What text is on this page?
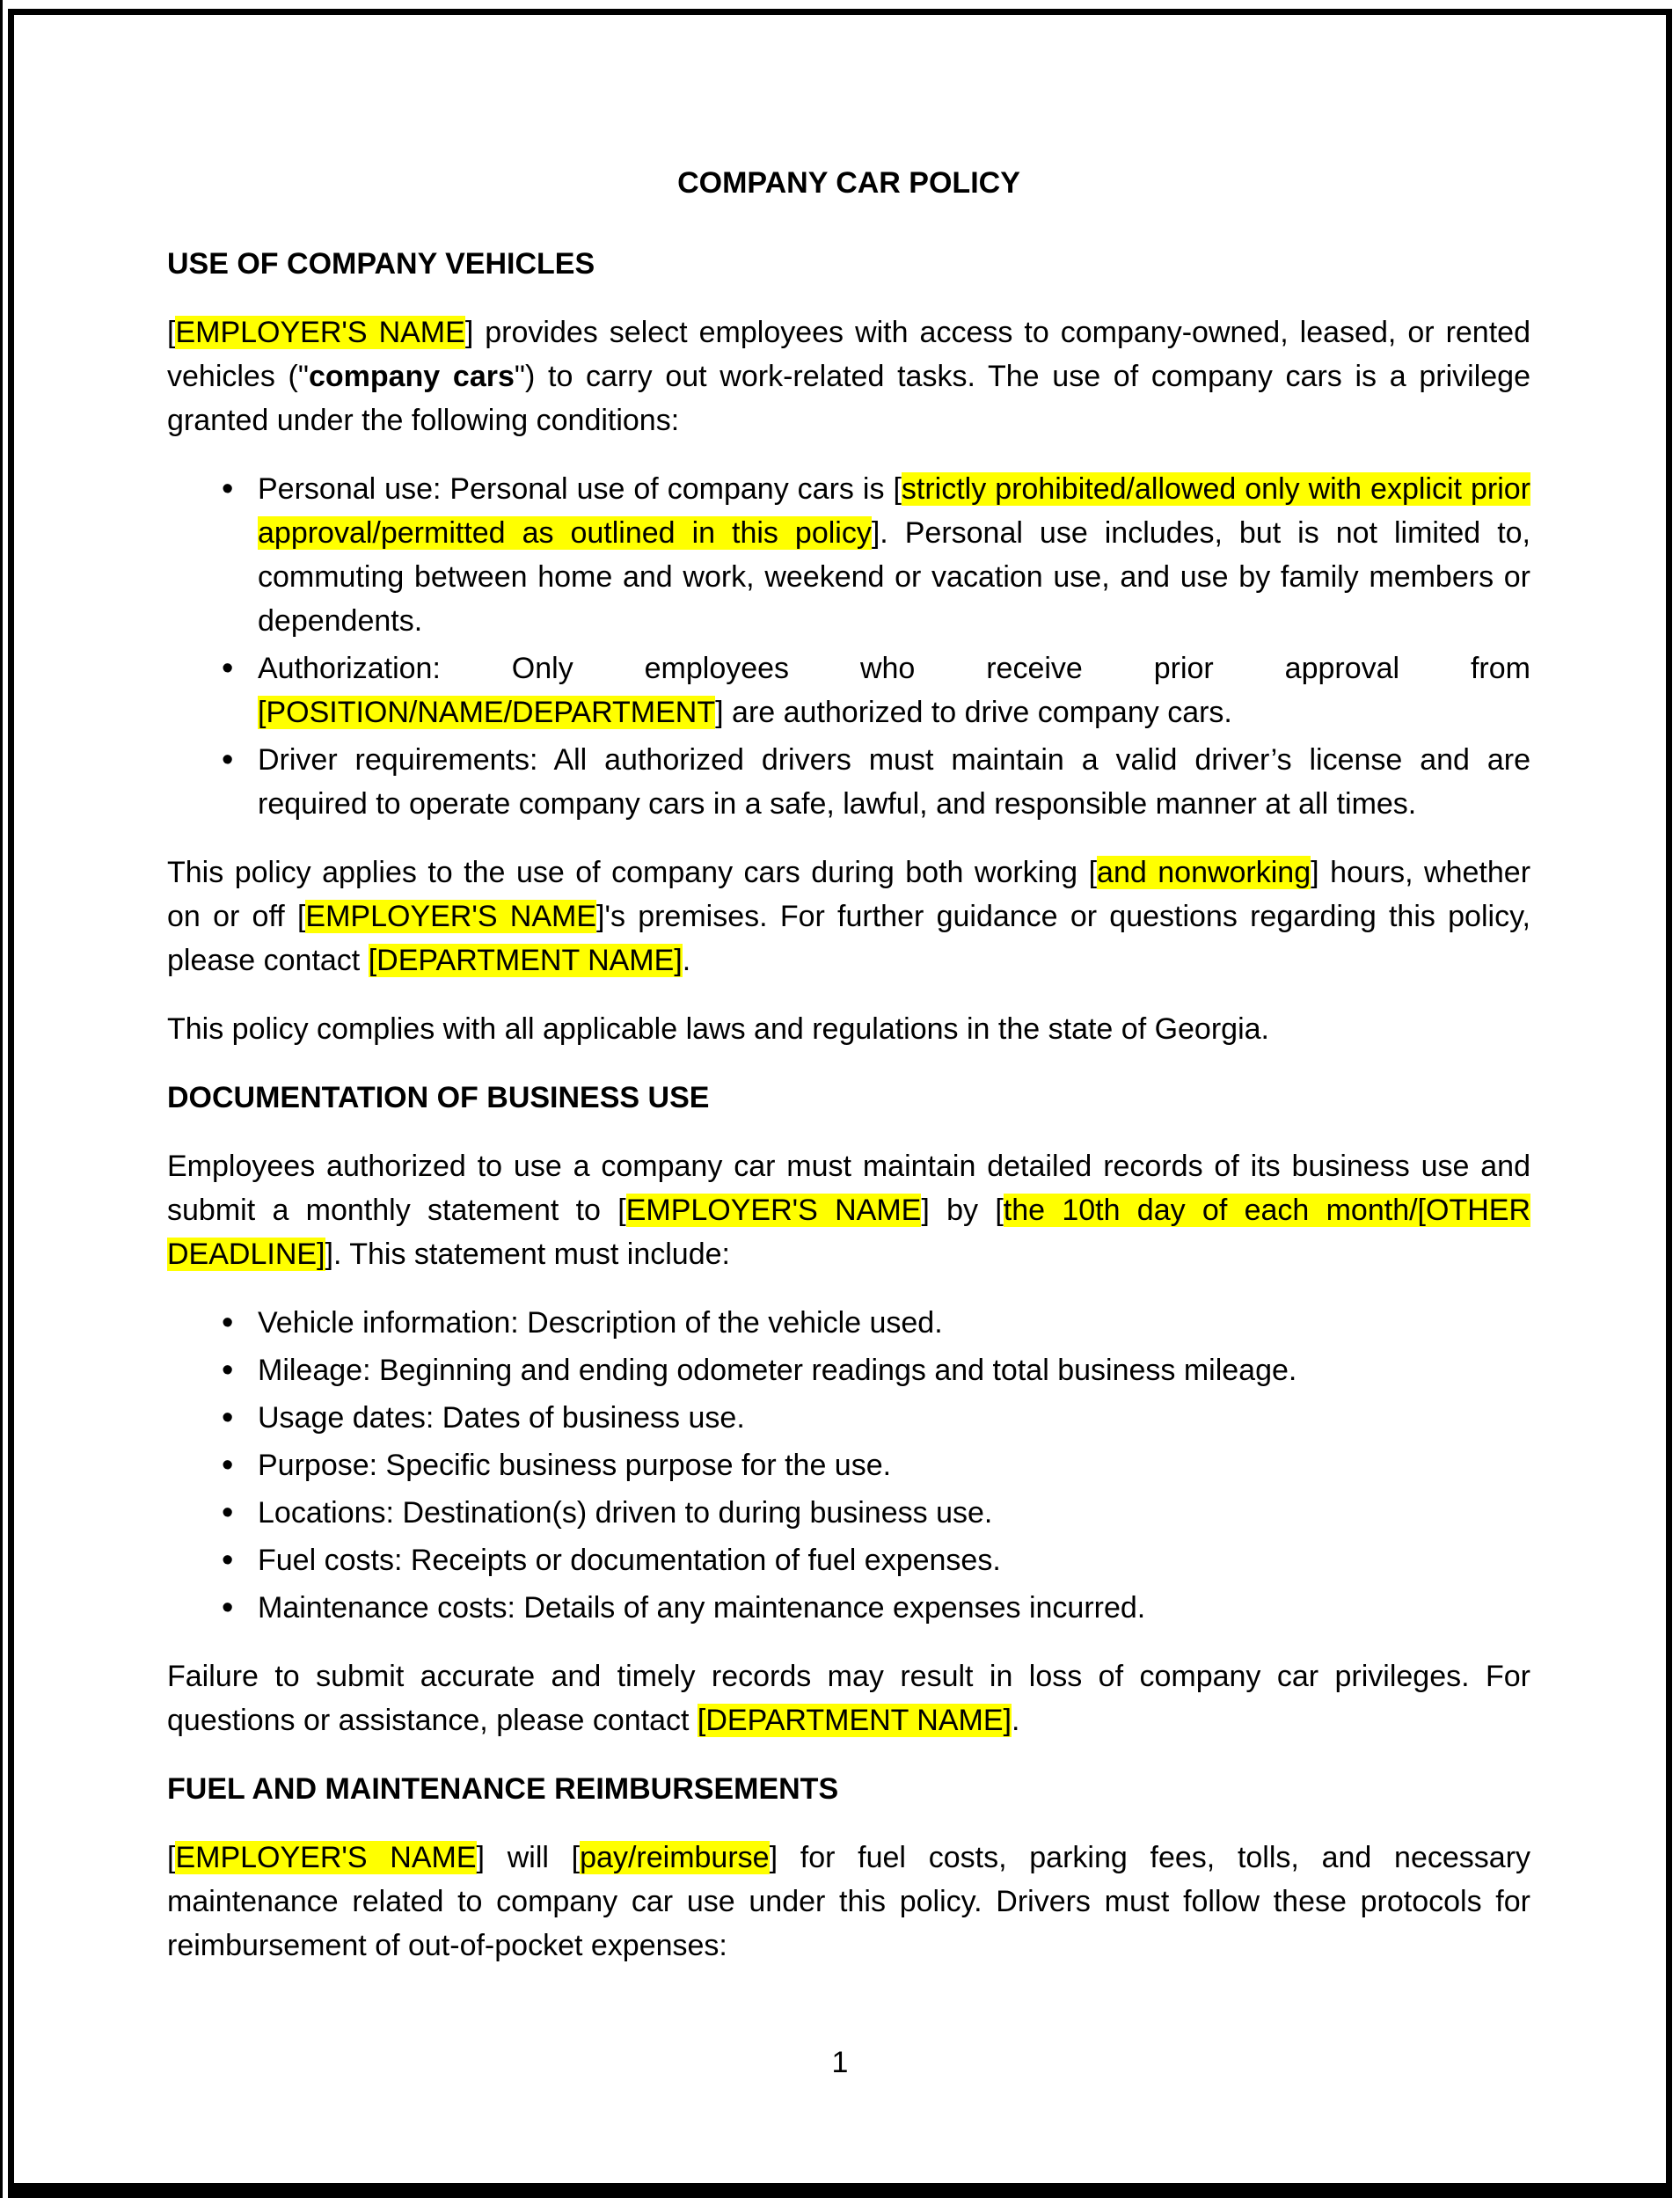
COMPANY CAR POLICY
USE OF COMPANY VEHICLES

[EMPLOYER'S NAME] provides select employees with access to company-owned, leased, or rented vehicles ("company cars") to carry out work-related tasks. The use of company cars is a privilege granted under the following conditions:

• Personal use: Personal use of company cars is [strictly prohibited/allowed only with explicit prior approval/permitted as outlined in this policy]. Personal use includes, but is not limited to, commuting between home and work, weekend or vacation use, and use by family members or dependents.
• Authorization: Only employees who receive prior approval from [POSITION/NAME/DEPARTMENT] are authorized to drive company cars.
• Driver requirements: All authorized drivers must maintain a valid driver’s license and are required to operate company cars in a safe, lawful, and responsible manner at all times.

This policy applies to the use of company cars during both working [and nonworking] hours, whether on or off [EMPLOYER'S NAME]'s premises. For further guidance or questions regarding this policy, please contact [DEPARTMENT NAME].

This policy complies with all applicable laws and regulations in the state of Georgia.

DOCUMENTATION OF BUSINESS USE

Employees authorized to use a company car must maintain detailed records of its business use and submit a monthly statement to [EMPLOYER'S NAME] by [the 10th day of each month/[OTHER DEADLINE]]. This statement must include:

• Vehicle information: Description of the vehicle used.
• Mileage: Beginning and ending odometer readings and total business mileage.
• Usage dates: Dates of business use.
• Purpose: Specific business purpose for the use.
• Locations: Destination(s) driven to during business use.
• Fuel costs: Receipts or documentation of fuel expenses.
• Maintenance costs: Details of any maintenance expenses incurred.

Failure to submit accurate and timely records may result in loss of company car privileges. For questions or assistance, please contact [DEPARTMENT NAME].

FUEL AND MAINTENANCE REIMBURSEMENTS

[EMPLOYER'S NAME] will [pay/reimburse] for fuel costs, parking fees, tolls, and necessary maintenance related to company car use under this policy. Drivers must follow these protocols for reimbursement of out-of-pocket expenses:

1
